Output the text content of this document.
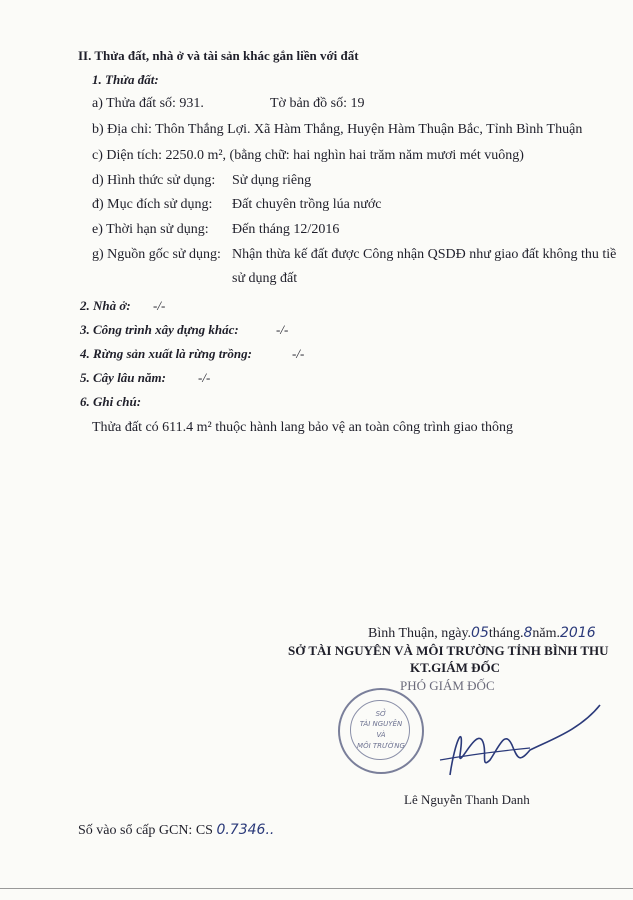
II. Thửa đất, nhà ở và tài sản khác gắn liền với đất
1. Thửa đất:
a) Thửa đất số: 931.	Tờ bản đồ số: 19
b) Địa chỉ: Thôn Thắng Lợi. Xã Hàm Thắng, Huyện Hàm Thuận Bắc, Tỉnh Bình Thuận
c) Diện tích: 2250.0 m², (bằng chữ: hai nghìn hai trăm năm mươi mét vuông)
d) Hình thức sử dụng: Sử dụng riêng
đ) Mục đích sử dụng: Đất chuyên trồng lúa nước
e) Thời hạn sử dụng: Đến tháng 12/2016
g) Nguồn gốc sử dụng: Nhận thừa kế đất được Công nhận QSDĐ như giao đất không thu tiề
sử dụng đất
2. Nhà ở: -/-
3. Công trình xây dựng khác:	-/-
4. Rừng sản xuất là rừng trồng:	-/-
5. Cây lâu năm: -/-
6. Ghi chú:
Thửa đất có 611.4 m² thuộc hành lang bảo vệ an toàn công trình giao thông
Bình Thuận, ngày.05tháng.8năm.2016
SỞ TÀI NGUYÊN VÀ MÔI TRƯỜNG TỈNH BÌNH THU
KT.GIÁM ĐỐC
PHÓ GIÁM ĐỐC
SỞ
TÀI NGUYÊN
VÀ
MÔI TRƯỜNG
Lê Nguyễn Thanh Danh
Số vào sổ cấp GCN: CS 0.7346..
